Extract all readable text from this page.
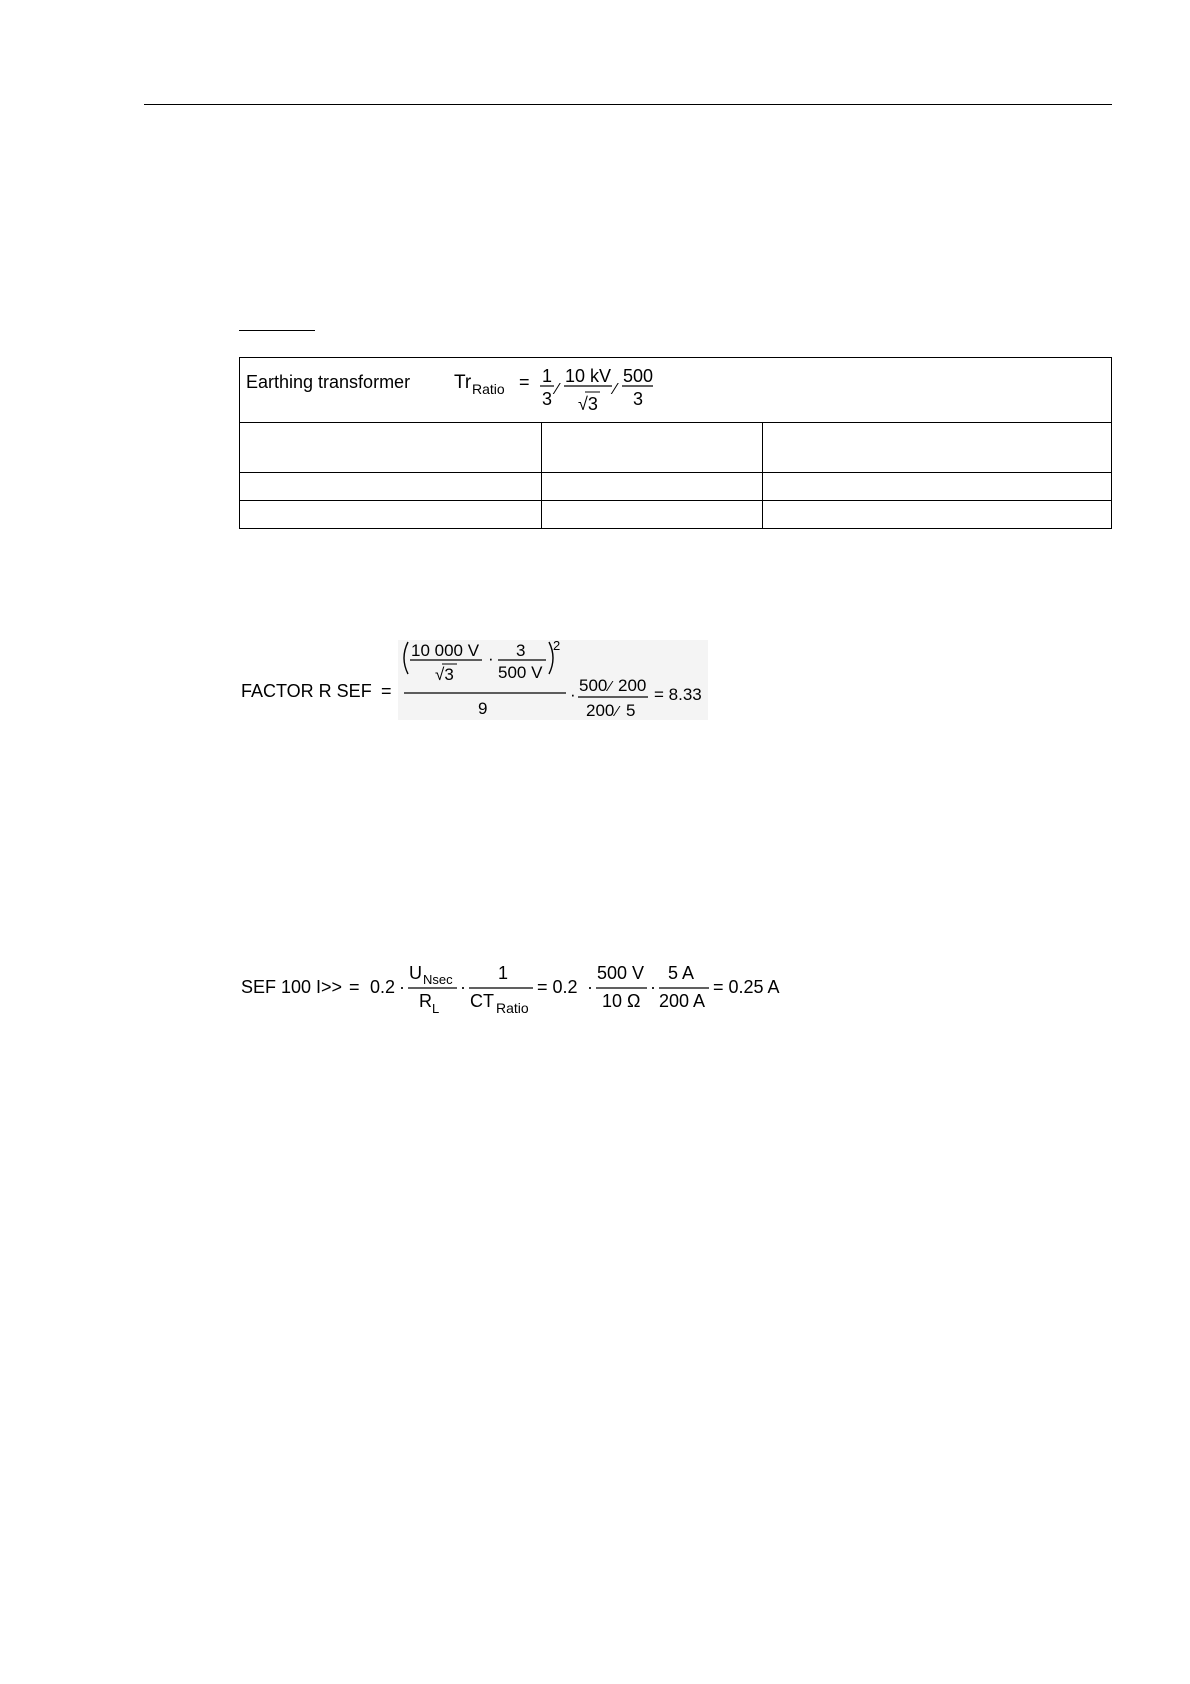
Earthing transformer Tr Ratio = 1
3 ⁄
10 kV
√3
⁄
500
3
FACTOR R SEF =
10 000 V
√3
· 3
500 V
2
9
· 500 ⁄ 200
200 ⁄ 5
= 8.33
SEF 100 I>> = 0.2 ·
U Nsec
R L
·
1
CT Ratio
= 0.2 ·
500 V
10 Ω
·
5 A
200 A
= 0.25 A
